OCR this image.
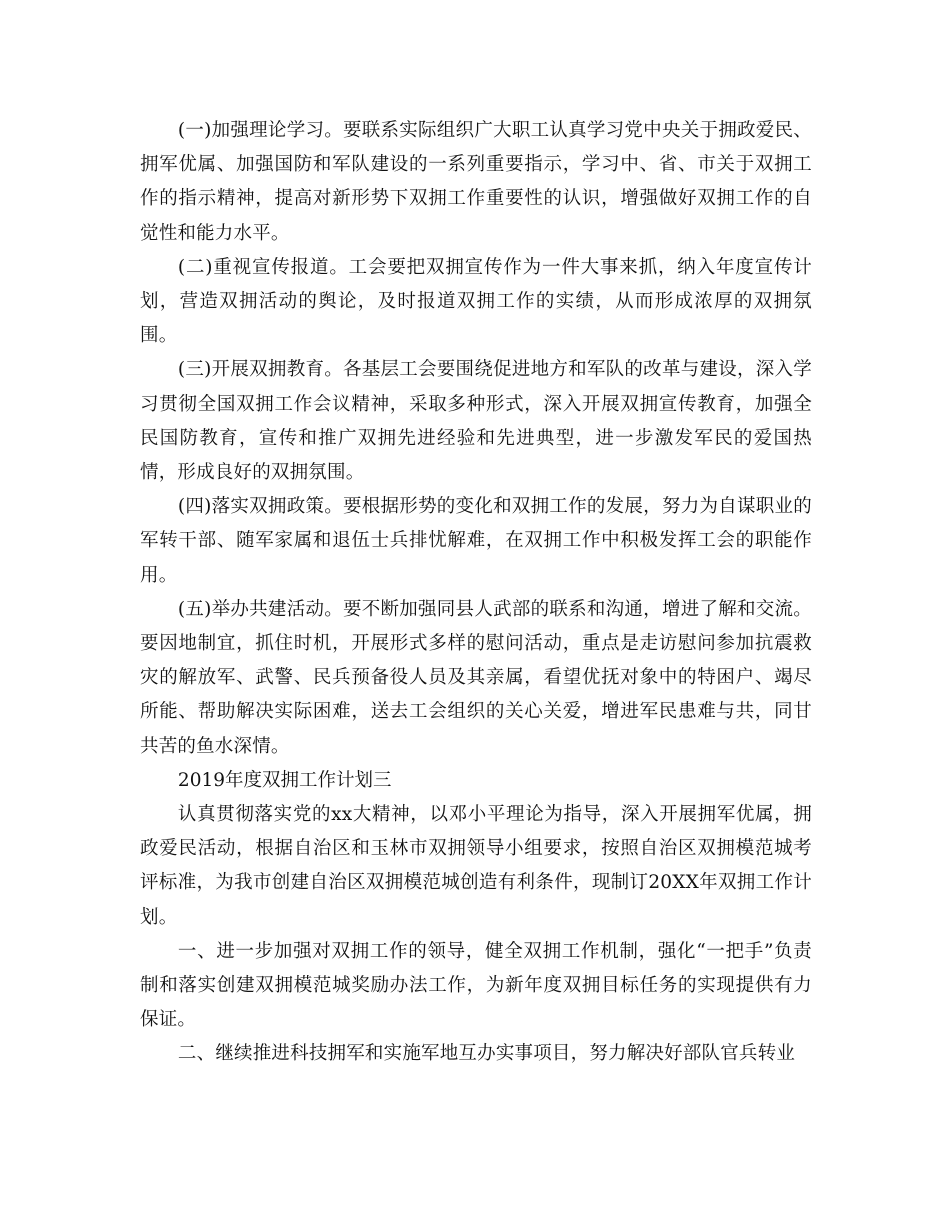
(一)加强理论学习。要联系实际组织广大职工认真学习党中央关于拥政爱民、拥军优属、加强国防和军队建设的一系列重要指示，学习中、省、市关于双拥工作的指示精神，提高对新形势下双拥工作重要性的认识，增强做好双拥工作的自觉性和能力水平。

(二)重视宣传报道。工会要把双拥宣传作为一件大事来抓，纳入年度宣传计划，营造双拥活动的舆论，及时报道双拥工作的实绩，从而形成浓厚的双拥氛围。

(三)开展双拥教育。各基层工会要围绕促进地方和军队的改革与建设，深入学习贯彻全国双拥工作会议精神，采取多种形式，深入开展双拥宣传教育，加强全民国防教育，宣传和推广双拥先进经验和先进典型，进一步激发军民的爱国热情，形成良好的双拥氛围。

(四)落实双拥政策。要根据形势的变化和双拥工作的发展，努力为自谋职业的军转干部、随军家属和退伍士兵排忧解难，在双拥工作中积极发挥工会的职能作用。

(五)举办共建活动。要不断加强同县人武部的联系和沟通，增进了解和交流。要因地制宜，抓住时机，开展形式多样的慰问活动，重点是走访慰问参加抗震救灾的解放军、武警、民兵预备役人员及其亲属，看望优抚对象中的特困户、竭尽所能、帮助解决实际困难，送去工会组织的关心关爱，增进军民患难与共，同甘共苦的鱼水深情。

2019年度双拥工作计划三

认真贯彻落实党的xx大精神，以邓小平理论为指导，深入开展拥军优属，拥政爱民活动，根据自治区和玉林市双拥领导小组要求，按照自治区双拥模范城考评标准，为我市创建自治区双拥模范城创造有利条件，现制订20XX年双拥工作计划。

一、进一步加强对双拥工作的领导，健全双拥工作机制，强化“一把手”负责制和落实创建双拥模范城奖励办法工作，为新年度双拥目标任务的实现提供有力保证。

二、继续推进科技拥军和实施军地互办实事项目，努力解决好部队官兵转业
